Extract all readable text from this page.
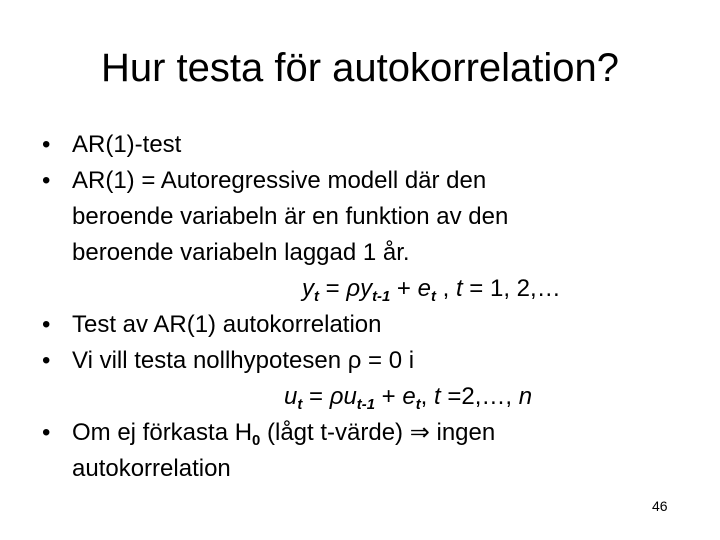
Hur testa för autokorrelation?
• AR(1)-test
• AR(1) = Autoregressive modell där den
beroende variabeln är en funktion av den
beroende variabeln laggad 1 år.
$y_t = \rho y_{t-1} + e_t$ , t = 1, 2,…
• Test av AR(1) autokorrelation
• Vi vill testa nollhypotesen ρ = 0 i
$u_t = \rho u_{t-1} + e_t$, t =2,…, n
• Om ej förkasta $H_0$ (lågt t-värde) ⇒ ingen
autokorrelation
46
